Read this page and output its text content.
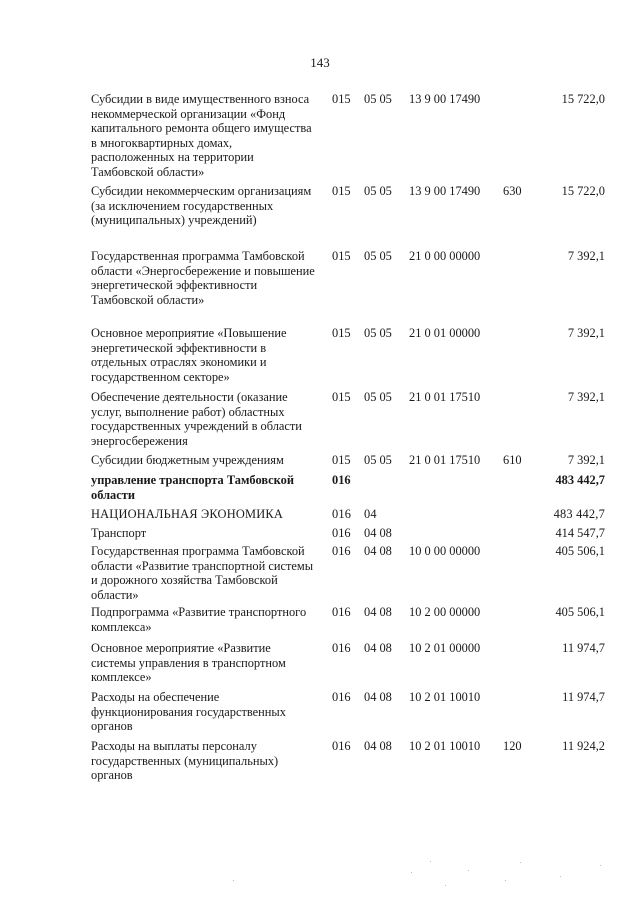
143
Субсидии в виде имущественного взноса некоммерческой организации «Фонд капитального ремонта общего имущества в многоквартирных домах, расположенных на территории Тамбовской области»
015 05 05 13 9 00 17490	15 722,0
Субсидии некоммерческим организациям (за исключением государственных (муниципальных) учреждений)
015 05 05 13 9 00 17490 630	15 722,0
Государственная программа Тамбовской области «Энергосбережение и повышение энергетической эффективности Тамбовской области»
015 05 05 21 0 00 00000	7 392,1
Основное мероприятие «Повышение энергетической эффективности в отдельных отраслях экономики и государственном секторе»
015 05 05 21 0 01 00000	7 392,1
Обеспечение деятельности (оказание услуг, выполнение работ) областных государственных учреждений в области энергосбережения
015 05 05 21 0 01 17510	7 392,1
Субсидии бюджетным учреждениям	015 05 05 21 0 01 17510 610	7 392,1
управление транспорта Тамбовской области
016	483 442,7
НАЦИОНАЛЬНАЯ ЭКОНОМИКА	016 04	483 442,7
Транспорт	016 04 08	414 547,7
Государственная программа Тамбовской области «Развитие транспортной системы и дорожного хозяйства Тамбовской области»
016 04 08 10 0 00 00000	405 506,1
Подпрограмма «Развитие транспортного комплекса»
016 04 08 10 2 00 00000	405 506,1
Основное мероприятие «Развитие системы управления в транспортном комплексе»
016 04 08 10 2 01 00000	11 974,7
Расходы на обеспечение функционирования государственных органов
016 04 08 10 2 01 10010	11 974,7
Расходы на выплаты персоналу государственных (муниципальных) органов
016 04 08 10 2 01 10010 120	11 924,2
